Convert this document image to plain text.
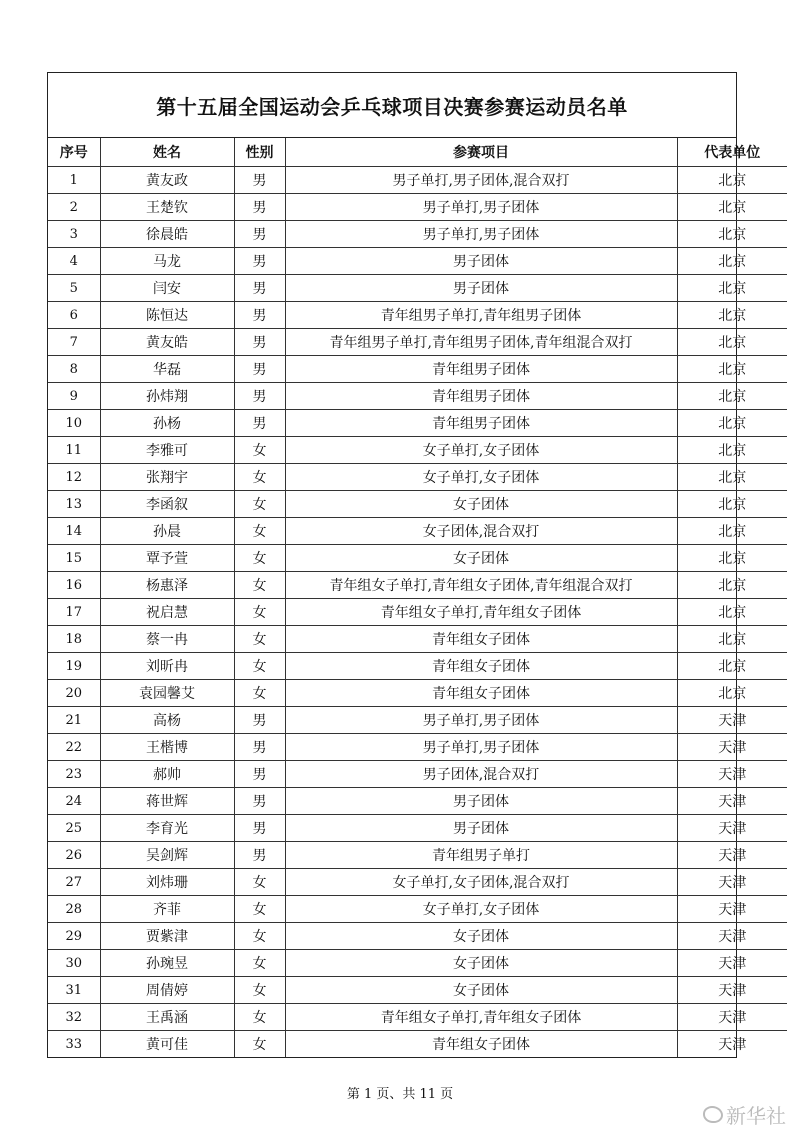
第十五届全国运动会乒乓球项目决赛参赛运动员名单
序号	姓名	性别	参赛项目	代表单位
1	黄友政	男	男子单打,男子团体,混合双打	北京
2	王楚钦	男	男子单打,男子团体	北京
3	徐晨皓	男	男子单打,男子团体	北京
4	马龙	男	男子团体	北京
5	闫安	男	男子团体	北京
6	陈恒达	男	青年组男子单打,青年组男子团体	北京
7	黄友皓	男	青年组男子单打,青年组男子团体,青年组混合双打	北京
8	华磊	男	青年组男子团体	北京
9	孙炜翔	男	青年组男子团体	北京
10	孙杨	男	青年组男子团体	北京
11	李雅可	女	女子单打,女子团体	北京
12	张翔宇	女	女子单打,女子团体	北京
13	李函叙	女	女子团体	北京
14	孙晨	女	女子团体,混合双打	北京
15	覃予萱	女	女子团体	北京
16	杨惠泽	女	青年组女子单打,青年组女子团体,青年组混合双打	北京
17	祝启慧	女	青年组女子单打,青年组女子团体	北京
18	蔡一冉	女	青年组女子团体	北京
19	刘昕冉	女	青年组女子团体	北京
20	袁园馨艾	女	青年组女子团体	北京
21	高杨	男	男子单打,男子团体	天津
22	王楷博	男	男子单打,男子团体	天津
23	郝帅	男	男子团体,混合双打	天津
24	蒋世辉	男	男子团体	天津
25	李育光	男	男子团体	天津
26	吴剑辉	男	青年组男子单打	天津
27	刘炜珊	女	女子单打,女子团体,混合双打	天津
28	齐菲	女	女子单打,女子团体	天津
29	贾紫津	女	女子团体	天津
30	孙琬昱	女	女子团体	天津
31	周倩婷	女	女子团体	天津
32	王禹涵	女	青年组女子单打,青年组女子团体	天津
33	黄可佳	女	青年组女子团体	天津
第 1 页、共 11 页
新华社
